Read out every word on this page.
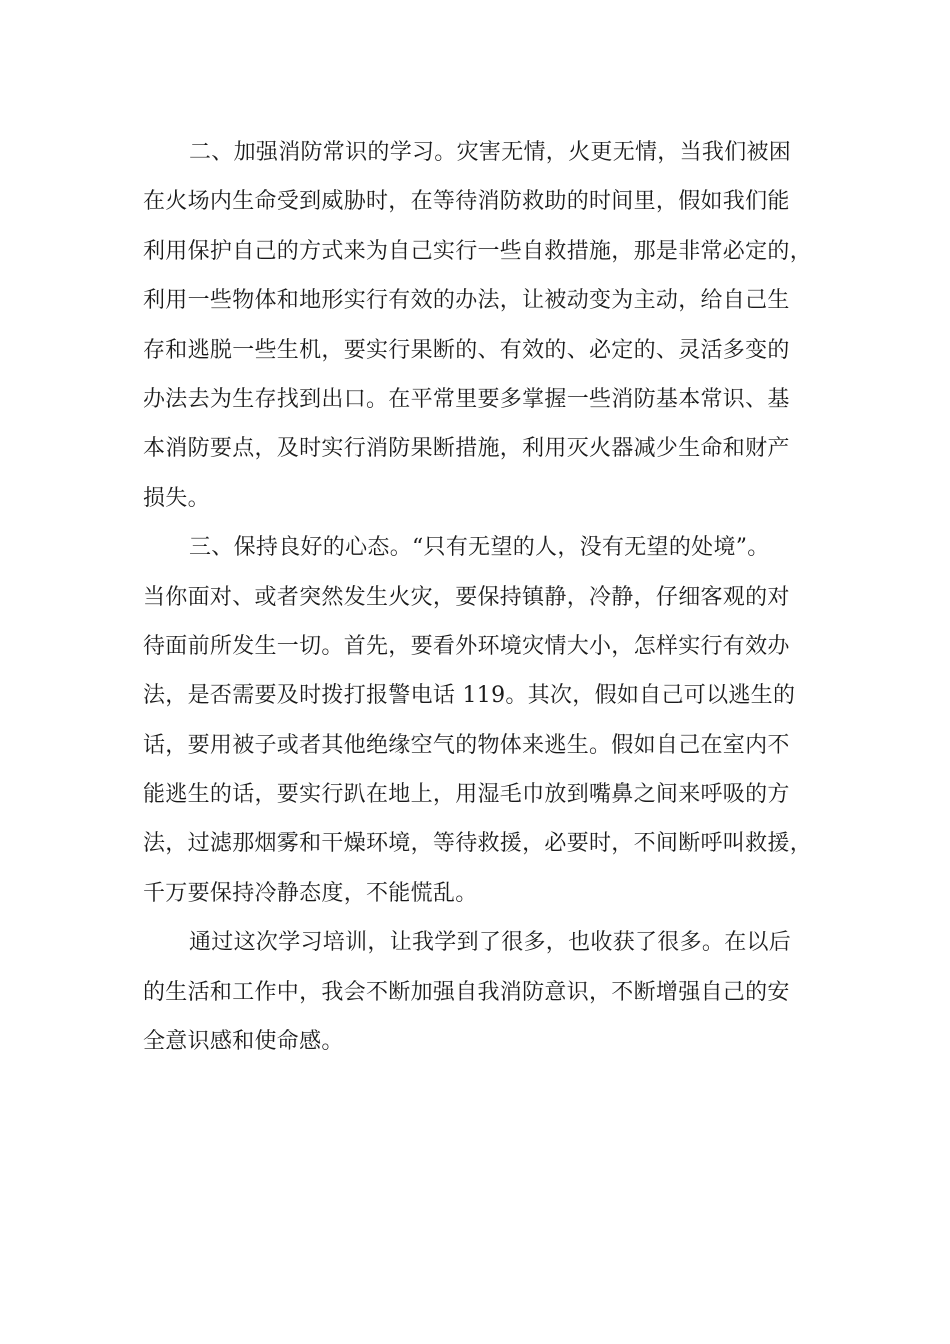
二、加强消防常识的学习。灾害无情，火更无情，当我们被困
在火场内生命受到威胁时，在等待消防救助的时间里，假如我们能
利用保护自己的方式来为自己实行一些自救措施，那是非常必定的，
利用一些物体和地形实行有效的办法，让被动变为主动，给自己生
存和逃脱一些生机，要实行果断的、有效的、必定的、灵活多变的
办法去为生存找到出口。在平常里要多掌握一些消防基本常识、基
本消防要点，及时实行消防果断措施，利用灭火器减少生命和财产
损失。

三、保持良好的心态。“只有无望的人，没有无望的处境”。
当你面对、或者突然发生火灾，要保持镇静，冷静，仔细客观的对
待面前所发生一切。首先，要看外环境灾情大小，怎样实行有效办
法，是否需要及时拨打报警电话 119。其次，假如自己可以逃生的
话，要用被子或者其他绝缘空气的物体来逃生。假如自己在室内不
能逃生的话，要实行趴在地上，用湿毛巾放到嘴鼻之间来呼吸的方
法，过滤那烟雾和干燥环境，等待救援，必要时，不间断呼叫救援，
千万要保持冷静态度，不能慌乱。

通过这次学习培训，让我学到了很多，也收获了很多。在以后
的生活和工作中，我会不断加强自我消防意识，不断增强自己的安
全意识感和使命感。
